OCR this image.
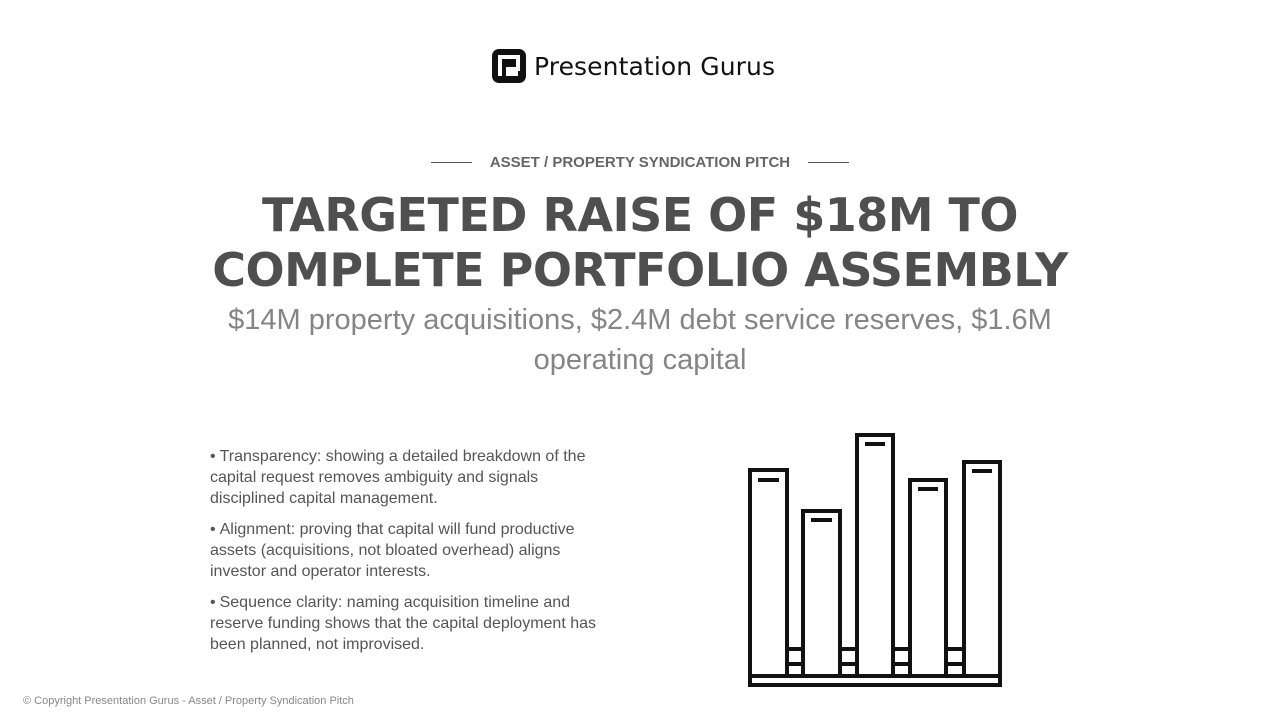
Presentation Gurus
ASSET / PROPERTY SYNDICATION PITCH
TARGETED RAISE OF $18M TO COMPLETE PORTFOLIO ASSEMBLY

$14M property acquisitions, $2.4M debt service reserves, $1.6M operating capital

• Transparency: showing a detailed breakdown of the capital request removes ambiguity and signals disciplined capital management.
• Alignment: proving that capital will fund productive assets (acquisitions, not bloated overhead) aligns investor and operator interests.
• Sequence clarity: naming acquisition timeline and reserve funding shows that the capital deployment has been planned, not improvised.
© Copyright Presentation Gurus - Asset / Property Syndication Pitch
